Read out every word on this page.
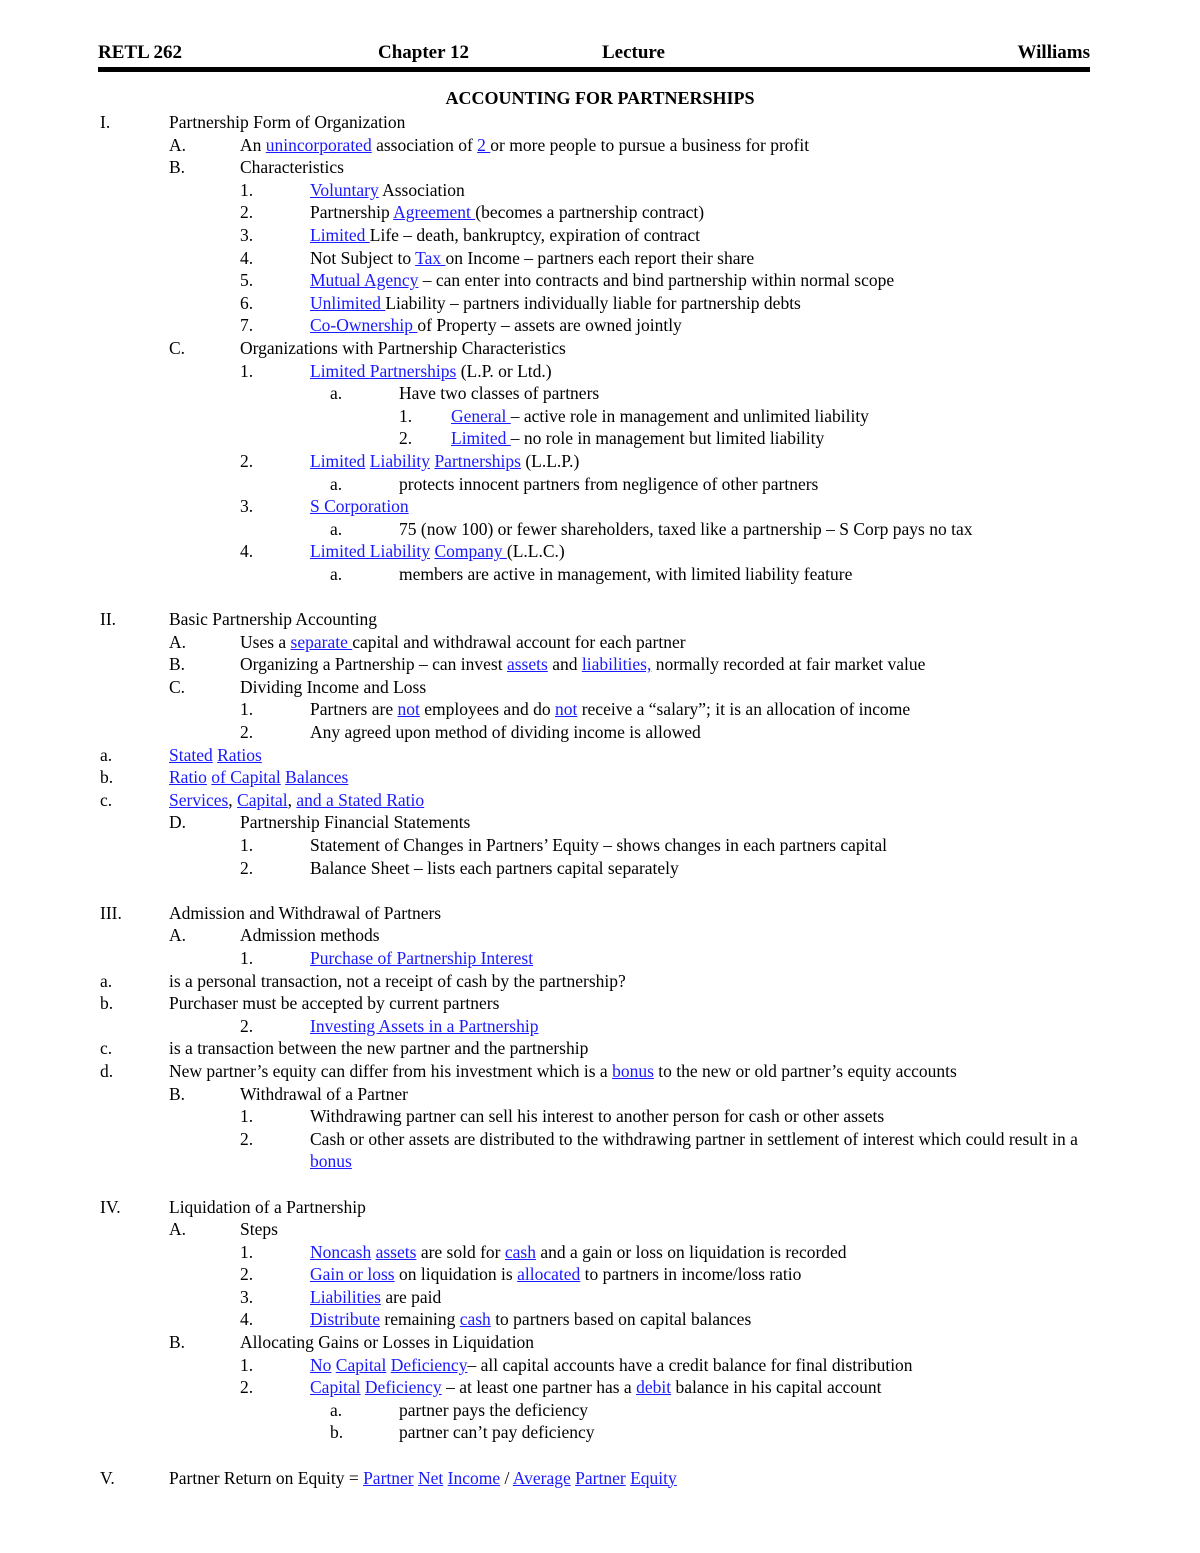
RETL 262	Chapter 12	Lecture	Williams
ACCOUNTING FOR PARTNERSHIPS
I.	Partnership Form of Organization
A.	An unincorporated association of 2 or more people to pursue a business for profit
B.	Characteristics
1.	Voluntary Association
2.	Partnership Agreement (becomes a partnership contract)
3.	Limited Life – death, bankruptcy, expiration of contract
4.	Not Subject to Tax on Income – partners each report their share
5.	Mutual Agency – can enter into contracts and bind partnership within normal scope
6.	Unlimited Liability – partners individually liable for partnership debts
7.	Co-Ownership of Property – assets are owned jointly
C.	Organizations with Partnership Characteristics
1.	Limited Partnerships (L.P. or Ltd.)
a.	Have two classes of partners
1. General – active role in management and unlimited liability
2. Limited – no role in management but limited liability
2.	Limited Liability Partnerships (L.L.P.)
a.	protects innocent partners from negligence of other partners
3.	S Corporation
a.	75 (now 100) or fewer shareholders, taxed like a partnership – S Corp pays no tax
4.	Limited Liability Company (L.L.C.)
a.	members are active in management, with limited liability feature
II.	Basic Partnership Accounting
A.	Uses a separate capital and withdrawal account for each partner
B.	Organizing a Partnership – can invest assets and liabilities, normally recorded at fair market value
C.	Dividing Income and Loss
1.	Partners are not employees and do not receive a “salary”; it is an allocation of income
2.	Any agreed upon method of dividing income is allowed
a.	Stated Ratios
b.	Ratio of Capital Balances
c.	Services, Capital, and a Stated Ratio
D.	Partnership Financial Statements
1.	Statement of Changes in Partners’ Equity – shows changes in each partners capital
2.	Balance Sheet – lists each partners capital separately
III.	Admission and Withdrawal of Partners
A.	Admission methods
1.	Purchase of Partnership Interest
a.	is a personal transaction, not a receipt of cash by the partnership?
b.	Purchaser must be accepted by current partners
2.	Investing Assets in a Partnership
c.	is a transaction between the new partner and the partnership
d.	New partner’s equity can differ from his investment which is a bonus to the new or old partner’s equity accounts
B.	Withdrawal of a Partner
1.	Withdrawing partner can sell his interest to another person for cash or other assets
2.	Cash or other assets are distributed to the withdrawing partner in settlement of interest which could result in a bonus
IV.	Liquidation of a Partnership
A.	Steps
1.	Noncash assets are sold for cash and a gain or loss on liquidation is recorded
2.	Gain or loss on liquidation is allocated to partners in income/loss ratio
3.	Liabilities are paid
4.	Distribute remaining cash to partners based on capital balances
B.	Allocating Gains or Losses in Liquidation
1.	No Capital Deficiency– all capital accounts have a credit balance for final distribution
2.	Capital Deficiency – at least one partner has a debit balance in his capital account
a.	partner pays the deficiency
b.	partner can’t pay deficiency
V.	Partner Return on Equity = Partner Net Income / Average Partner Equity
